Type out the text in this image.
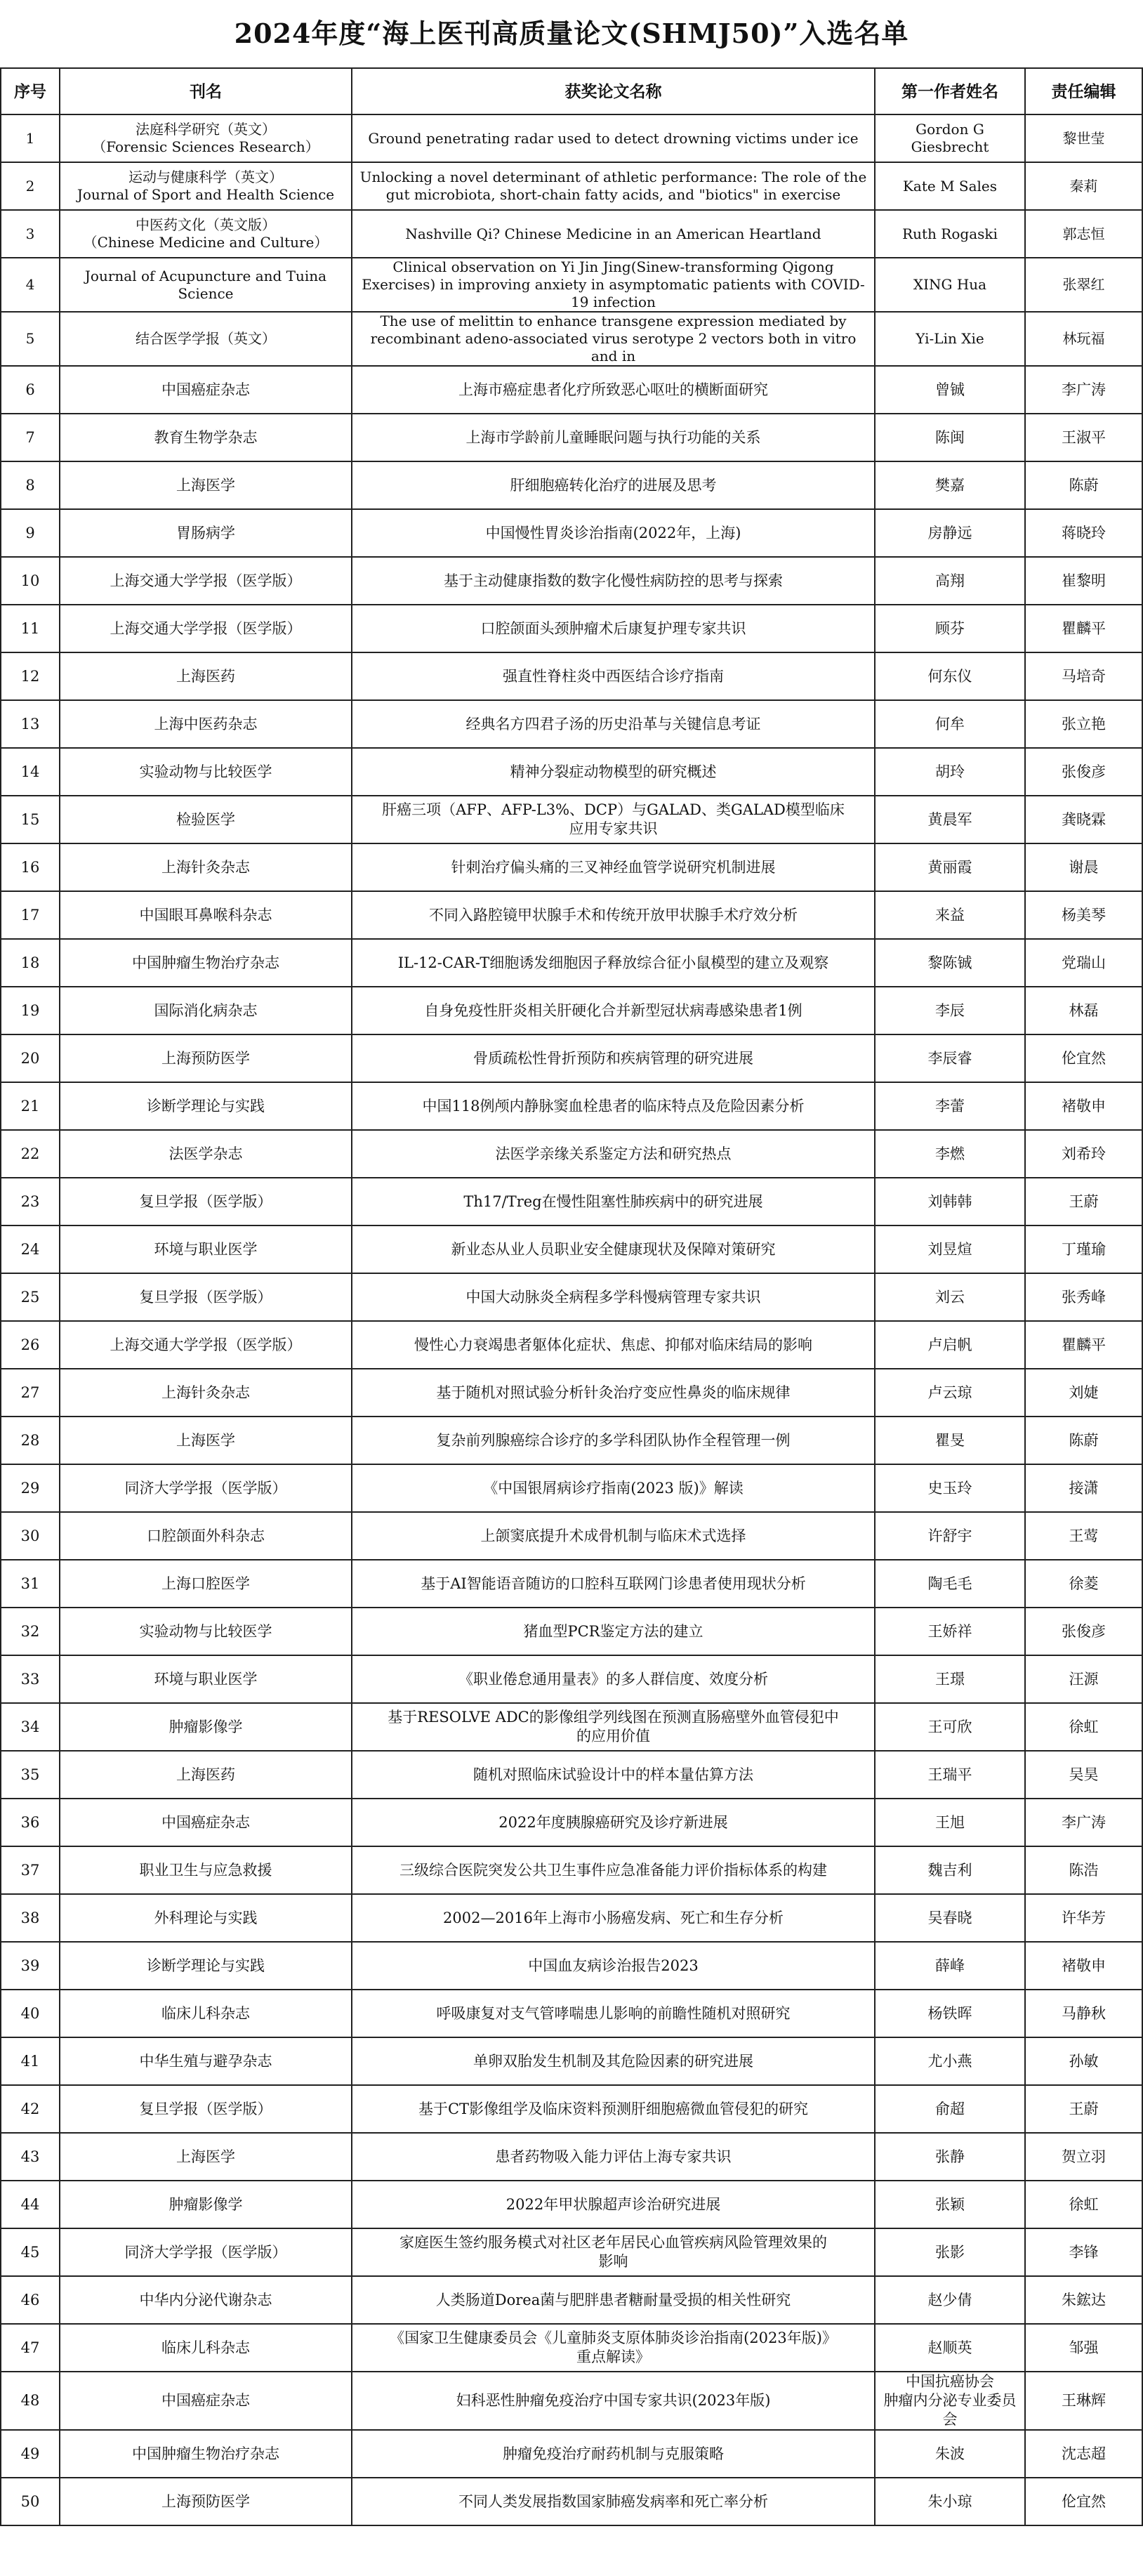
2024年度“海上医刊高质量论文(SHMJ50)”入选名单
序号	刊名	获奖论文名称	第一作者姓名	责任编辑
1	法庭科学研究（英文）
（Forensic Sciences Research）	Ground penetrating radar used to detect drowning victims under ice	Gordon G Giesbrecht	黎世莹
2	运动与健康科学（英文）
Journal of Sport and Health Science	Unlocking a novel determinant of athletic performance: The role of the gut microbiota, short-chain fatty acids, and "biotics" in exercise	Kate M Sales	秦莉
3	中医药文化（英文版）
（Chinese Medicine and Culture）	Nashville Qi? Chinese Medicine in an American Heartland	Ruth Rogaski	郭志恒
4	Journal of Acupuncture and Tuina Science	Clinical observation on Yi Jin Jing(Sinew-transforming Qigong Exercises) in improving anxiety in asymptomatic patients with COVID-19 infection	XING Hua	张翠红
5	结合医学学报（英文）	The use of melittin to enhance transgene expression mediated by recombinant adeno-associated virus serotype 2 vectors both in vitro and in	Yi-Lin Xie	林玩福
6	中国癌症杂志	上海市癌症患者化疗所致恶心呕吐的横断面研究	曾铖	李广涛
7	教育生物学杂志	上海市学龄前儿童睡眠问题与执行功能的关系	陈闽	王淑平
8	上海医学	肝细胞癌转化治疗的进展及思考	樊嘉	陈蔚
9	胃肠病学	中国慢性胃炎诊治指南(2022年，上海)	房静远	蒋晓玲
10	上海交通大学学报（医学版）	基于主动健康指数的数字化慢性病防控的思考与探索	高翔	崔黎明
11	上海交通大学学报（医学版）	口腔颌面头颈肿瘤术后康复护理专家共识	顾芬	瞿麟平
12	上海医药	强直性脊柱炎中西医结合诊疗指南	何东仪	马培奇
13	上海中医药杂志	经典名方四君子汤的历史沿革与关键信息考证	何牟	张立艳
14	实验动物与比较医学	精神分裂症动物模型的研究概述	胡玲	张俊彦
15	检验医学	肝癌三项（AFP、AFP-L3%、DCP）与GALAD、类GALAD模型临床
应用专家共识	黄晨军	龚晓霖
16	上海针灸杂志	针刺治疗偏头痛的三叉神经血管学说研究机制进展	黄丽霞	谢晨
17	中国眼耳鼻喉科杂志	不同入路腔镜甲状腺手术和传统开放甲状腺手术疗效分析	来益	杨美琴
18	中国肿瘤生物治疗杂志	IL-12-CAR-T细胞诱发细胞因子释放综合征小鼠模型的建立及观察	黎陈铖	党瑞山
19	国际消化病杂志	自身免疫性肝炎相关肝硬化合并新型冠状病毒感染患者1例	李辰	林磊
20	上海预防医学	骨质疏松性骨折预防和疾病管理的研究进展	李辰睿	伦宜然
21	诊断学理论与实践	中国118例颅内静脉窦血栓患者的临床特点及危险因素分析	李蕾	褚敬申
22	法医学杂志	法医学亲缘关系鉴定方法和研究热点	李燃	刘希玲
23	复旦学报（医学版）	Th17/Treg在慢性阻塞性肺疾病中的研究进展	刘韩韩	王蔚
24	环境与职业医学	新业态从业人员职业安全健康现状及保障对策研究	刘昱煊	丁瑾瑜
25	复旦学报（医学版）	中国大动脉炎全病程多学科慢病管理专家共识	刘云	张秀峰
26	上海交通大学学报（医学版）	慢性心力衰竭患者躯体化症状、焦虑、抑郁对临床结局的影响	卢启帆	瞿麟平
27	上海针灸杂志	基于随机对照试验分析针灸治疗变应性鼻炎的临床规律	卢云琼	刘婕
28	上海医学	复杂前列腺癌综合诊疗的多学科团队协作全程管理一例	瞿旻	陈蔚
29	同济大学学报（医学版）	《中国银屑病诊疗指南(2023 版)》解读	史玉玲	接潇
30	口腔颌面外科杂志	上颌窦底提升术成骨机制与临床术式选择	许舒宇	王莺
31	上海口腔医学	基于AI智能语音随访的口腔科互联网门诊患者使用现状分析	陶毛毛	徐菱
32	实验动物与比较医学	猪血型PCR鉴定方法的建立	王娇祥	张俊彦
33	环境与职业医学	《职业倦怠通用量表》的多人群信度、效度分析	王璟	汪源
34	肿瘤影像学	基于RESOLVE ADC的影像组学列线图在预测直肠癌壁外血管侵犯中
的应用价值	王可欣	徐虹
35	上海医药	随机对照临床试验设计中的样本量估算方法	王瑞平	吴昊
36	中国癌症杂志	2022年度胰腺癌研究及诊疗新进展	王旭	李广涛
37	职业卫生与应急救援	三级综合医院突发公共卫生事件应急准备能力评价指标体系的构建	魏吉利	陈浩
38	外科理论与实践	2002—2016年上海市小肠癌发病、死亡和生存分析	吴春晓	许华芳
39	诊断学理论与实践	中国血友病诊治报告2023	薛峰	褚敬申
40	临床儿科杂志	呼吸康复对支气管哮喘患儿影响的前瞻性随机对照研究	杨铁晖	马静秋
41	中华生殖与避孕杂志	单卵双胎发生机制及其危险因素的研究进展	尤小燕	孙敏
42	复旦学报（医学版）	基于CT影像组学及临床资料预测肝细胞癌微血管侵犯的研究	俞超	王蔚
43	上海医学	患者药物吸入能力评估上海专家共识	张静	贺立羽
44	肿瘤影像学	2022年甲状腺超声诊治研究进展	张颖	徐虹
45	同济大学学报（医学版）	家庭医生签约服务模式对社区老年居民心血管疾病风险管理效果的
影响	张影	李锋
46	中华内分泌代谢杂志	人类肠道Dorea菌与肥胖患者糖耐量受损的相关性研究	赵少倩	朱鋐达
47	临床儿科杂志	《国家卫生健康委员会《儿童肺炎支原体肺炎诊治指南(2023年版)》
重点解读》	赵顺英	邹强
48	中国癌症杂志	妇科恶性肿瘤免疫治疗中国专家共识(2023年版)	中国抗癌协会
肿瘤内分泌专业委员会	王琳辉
49	中国肿瘤生物治疗杂志	肿瘤免疫治疗耐药机制与克服策略	朱波	沈志超
50	上海预防医学	不同人类发展指数国家肺癌发病率和死亡率分析	朱小琼	伦宜然
